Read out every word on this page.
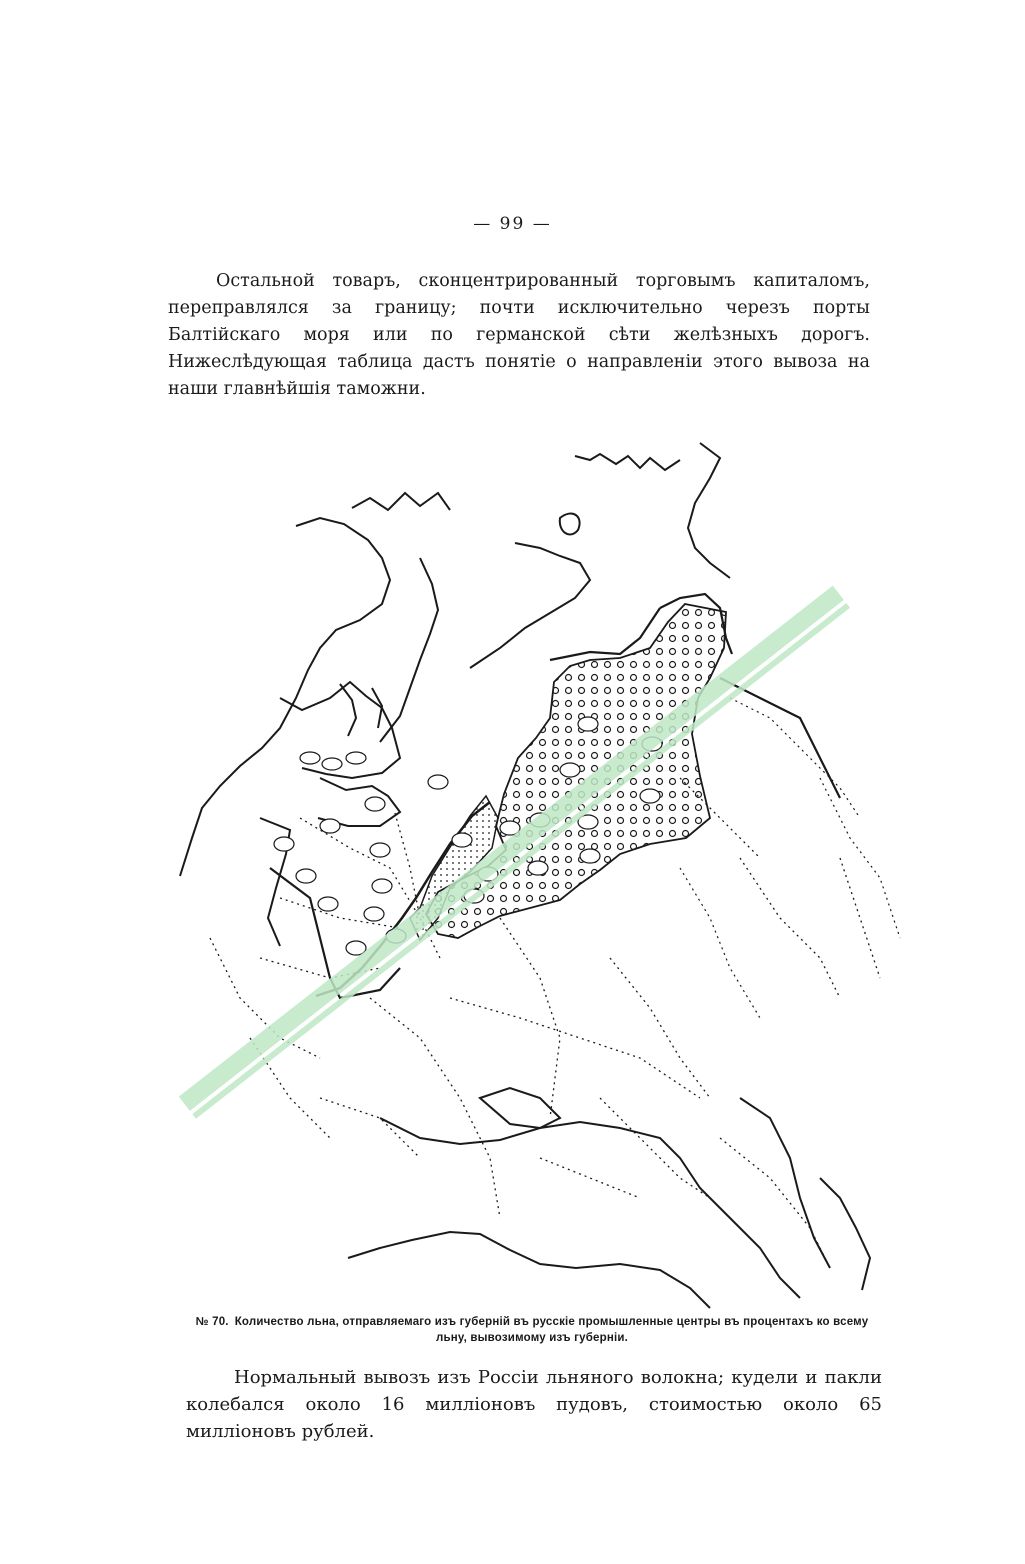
— 99 —

Остальной товаръ, сконцентрированный торговымъ капиталомъ, переправлялся за границу; почти исключительно черезъ порты Балтійскаго моря или по германской сѣти желѣзныхъ дорогъ. Нижеслѣдующая таблица дастъ понятіе о направленіи этого вывоза на наши главнѣйшія таможни.

№ 70. Количество льна, отправляемаго изъ губерній въ русскіе промышленные центры въ процентахъ ко всему льну, вывозимому изъ губерніи.

Нормальный вывозъ изъ Россіи льняного волокна; кудели и пакли колебался около 16 милліоновъ пудовъ, стоимостью около 65 милліоновъ рублей.
